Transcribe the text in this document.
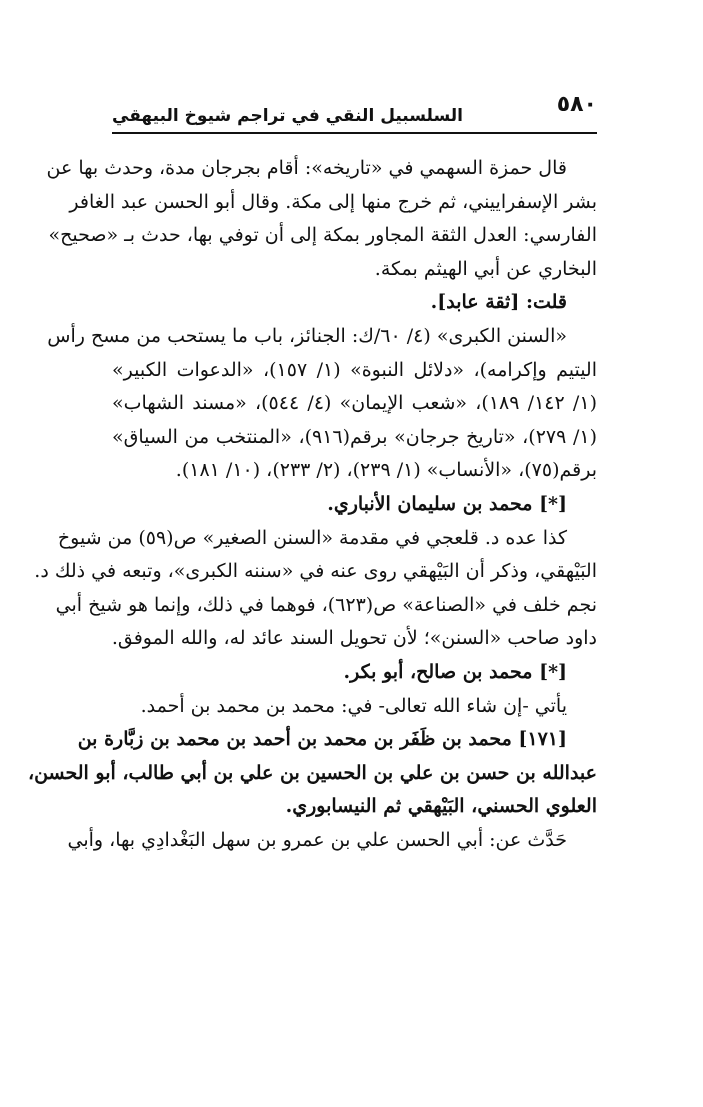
٥٨٠
السلسبيل النقي في تراجم شيوخ البيهقي
قال حمزة السهمي في «تاريخه»: أقام بجرجان مدة، وحدث بها عن
بشر الإسفراييني، ثم خرج منها إلى مكة. وقال أبو الحسن عبد الغافر
الفارسي: العدل الثقة المجاور بمكة إلى أن توفي بها، حدث بـ «صحيح»
البخاري عن أبي الهيثم بمكة.
قلت: [ثقة عابد].
«السنن الكبرى» (٤/ ٦٠/ك: الجنائز، باب ما يستحب من مسح رأس
اليتيم وإكرامه)، «دلائل النبوة» (١/ ١٥٧)، «الدعوات الكبير»
(١/ ١٤٢/ ١٨٩)، «شعب الإيمان» (٤/ ٥٤٤)، «مسند الشهاب»
(١/ ٢٧٩)، «تاريخ جرجان» برقم(٩١٦)، «المنتخب من السياق»
برقم(٧٥)، «الأنساب» (١/ ٢٣٩)، (٢/ ٢٣٣)، (١٠/ ١٨١).
[*] محمد بن سليمان الأنباري.
كذا عده د. قلعجي في مقدمة «السنن الصغير» ص(٥٩) من شيوخ
البَيْهقي، وذكر أن البَيْهقي روى عنه في «سننه الكبرى»، وتبعه في ذلك د.
نجم خلف في «الصناعة» ص(٦٢٣)، فوهما في ذلك، وإنما هو شيخ أبي
داود صاحب «السنن»؛ لأن تحويل السند عائد له، والله الموفق.
[*] محمد بن صالح، أبو بكر.
يأتي -إن شاء الله تعالى- في: محمد بن محمد بن أحمد.
[١٧١] محمد بن ظَفَر بن محمد بن أحمد بن محمد بن زبَّارة بن
عبدالله بن حسن بن علي بن الحسين بن علي بن أبي طالب، أبو الحسن،
العلوي الحسني، البَيْهقي ثم النيسابوري.
حَدَّث عن: أبي الحسن علي بن عمرو بن سهل البَغْدادِي بها، وأبي
